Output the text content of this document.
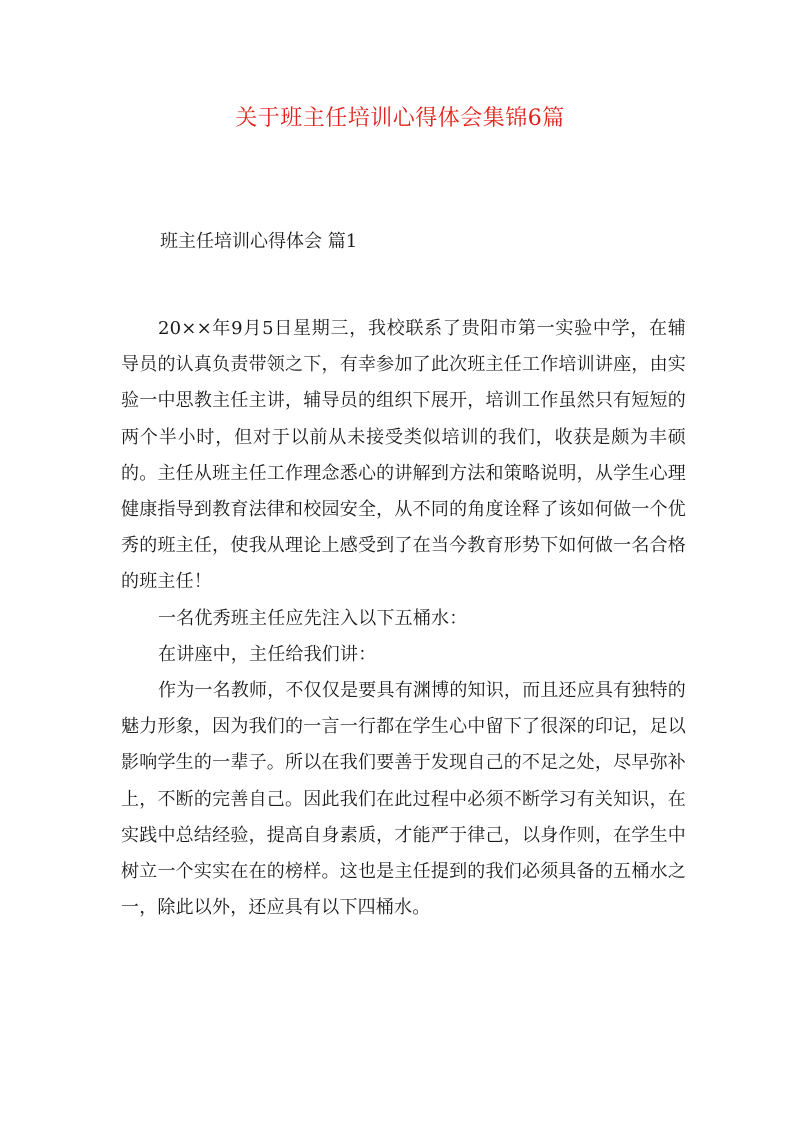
关于班主任培训心得体会集锦6篇
班主任培训心得体会 篇1

20××年9月5日星期三，我校联系了贵阳市第一实验中学，在辅导员的认真负责带领之下，有幸参加了此次班主任工作培训讲座，由实验一中思教主任主讲，辅导员的组织下展开，培训工作虽然只有短短的两个半小时，但对于以前从未接受类似培训的我们，收获是颇为丰硕的。主任从班主任工作理念悉心的讲解到方法和策略说明，从学生心理健康指导到教育法律和校园安全，从不同的角度诠释了该如何做一个优秀的班主任，使我从理论上感受到了在当今教育形势下如何做一名合格的班主任！

一名优秀班主任应先注入以下五桶水：

在讲座中，主任给我们讲：

作为一名教师，不仅仅是要具有渊博的知识，而且还应具有独特的魅力形象，因为我们的一言一行都在学生心中留下了很深的印记，足以影响学生的一辈子。所以在我们要善于发现自己的不足之处，尽早弥补上，不断的完善自己。因此我们在此过程中必须不断学习有关知识，在实践中总结经验，提高自身素质，才能严于律己，以身作则，在学生中树立一个实实在在的榜样。这也是主任提到的我们必须具备的五桶水之一，除此以外，还应具有以下四桶水。
